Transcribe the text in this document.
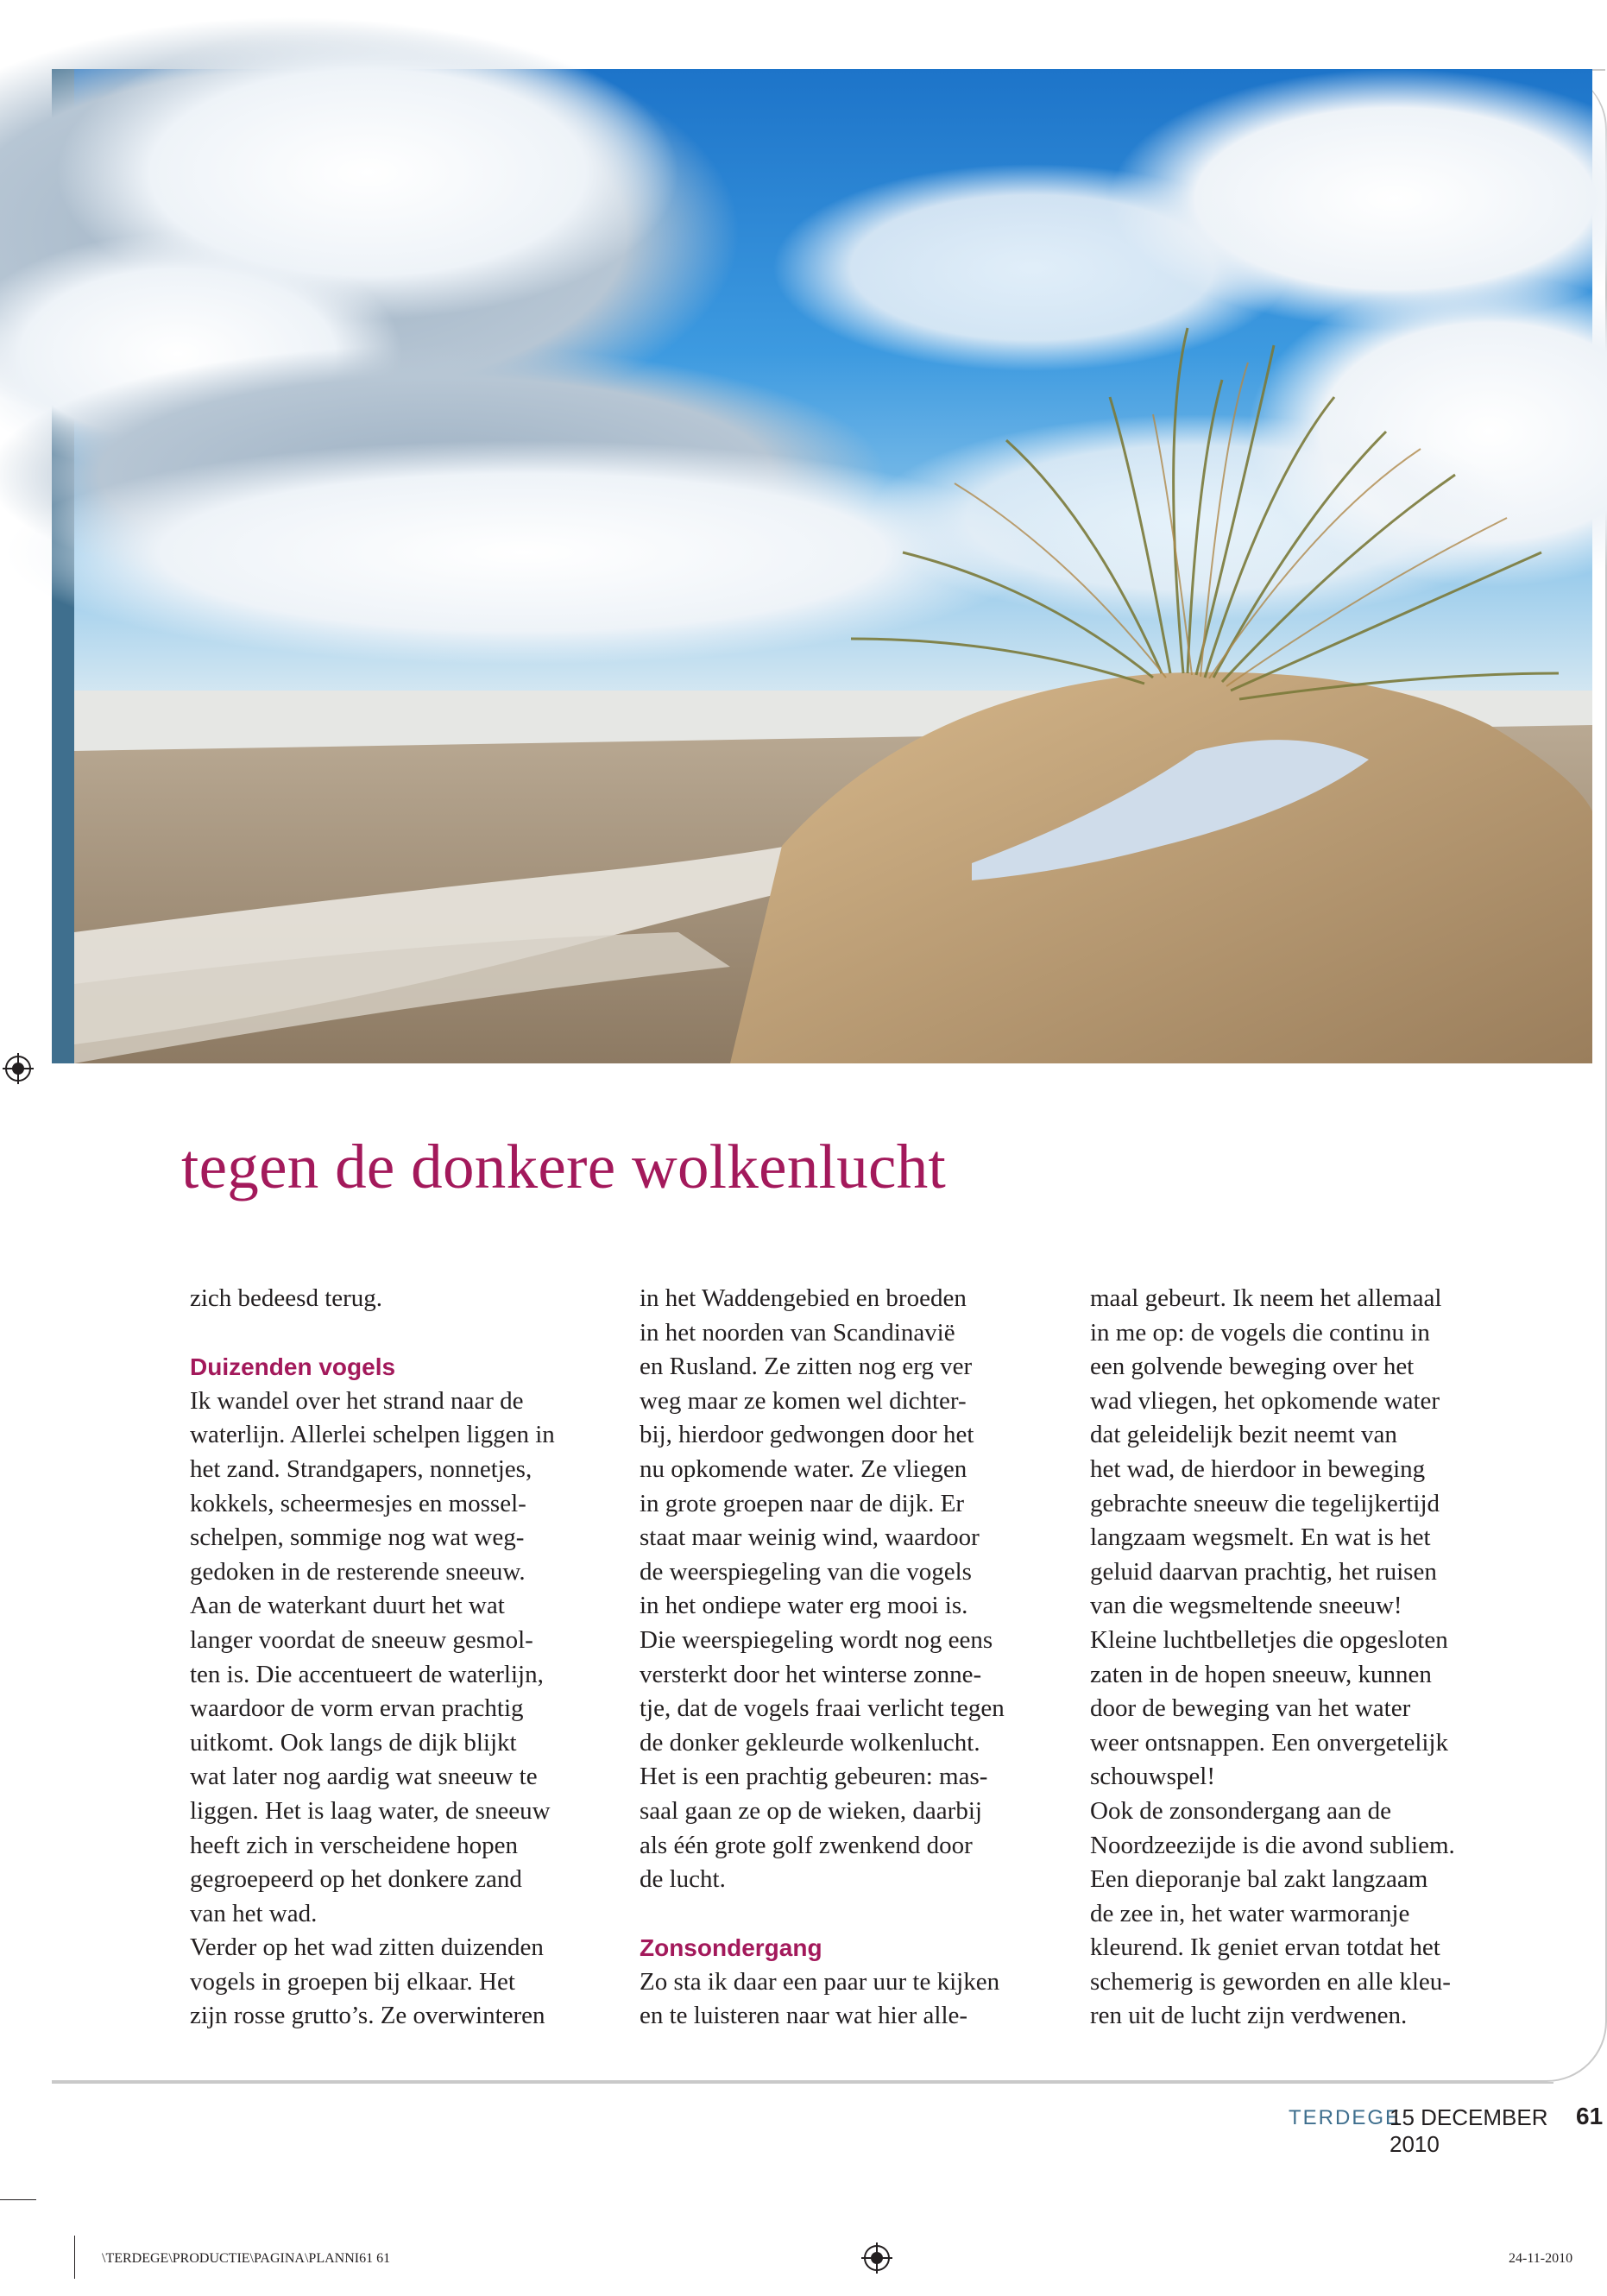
tegen de donkere wolkenlucht

zich bedeesd terug.

Duizenden vogels

Ik wandel over het strand naar de
waterlijn. Allerlei schelpen liggen in
het zand. Strandgapers, nonnetjes,
kokkels, scheermesjes en mossel-
schelpen, sommige nog wat weg-
gedoken in de resterende sneeuw.
Aan de waterkant duurt het wat
langer voordat de sneeuw gesmol-
ten is. Die accentueert de waterlijn,
waardoor de vorm ervan prachtig
uitkomt. Ook langs de dijk blijkt
wat later nog aardig wat sneeuw te
liggen. Het is laag water, de sneeuw
heeft zich in verscheidene hopen
gegroepeerd op het donkere zand
van het wad.

Verder op het wad zitten duizenden
vogels in groepen bij elkaar. Het
zijn rosse grutto’s. Ze overwinteren

in het Waddengebied en broeden
in het noorden van Scandinavië
en Rusland. Ze zitten nog erg ver
weg maar ze komen wel dichter-
bij, hierdoor gedwongen door het
nu opkomende water. Ze vliegen
in grote groepen naar de dijk. Er
staat maar weinig wind, waardoor
de weerspiegeling van die vogels
in het ondiepe water erg mooi is.
Die weerspiegeling wordt nog eens
versterkt door het winterse zonne-
tje, dat de vogels fraai verlicht tegen
de donker gekleurde wolkenlucht.
Het is een prachtig gebeuren: mas-
saal gaan ze op de wieken, daarbij
als één grote golf zwenkend door
de lucht.

Zonsondergang

Zo sta ik daar een paar uur te kijken
en te luisteren naar wat hier alle-

maal gebeurt. Ik neem het allemaal
in me op: de vogels die continu in
een golvende beweging over het
wad vliegen, het opkomende water
dat geleidelijk bezit neemt van
het wad, de hierdoor in beweging
gebrachte sneeuw die tegelijkertijd
langzaam wegsmelt. En wat is het
geluid daarvan prachtig, het ruisen
van die wegsmeltende sneeuw!
Kleine luchtbelletjes die opgesloten
zaten in de hopen sneeuw, kunnen
door de beweging van het water
weer ontsnappen. Een onvergetelijk
schouwspel!

Ook de zonsondergang aan de
Noordzeezijde is die avond subliem.
Een dieporanje bal zakt langzaam
de zee in, het water warmoranje
kleurend. Ik geniet ervan totdat het
schemerig is geworden en alle kleu-
ren uit de lucht zijn verdwenen.

TERDEGE
15 DECEMBER 2010
61
\TERDEGE\PRODUCTIE\PAGINA\PLANNI61 61	24-11-2010
